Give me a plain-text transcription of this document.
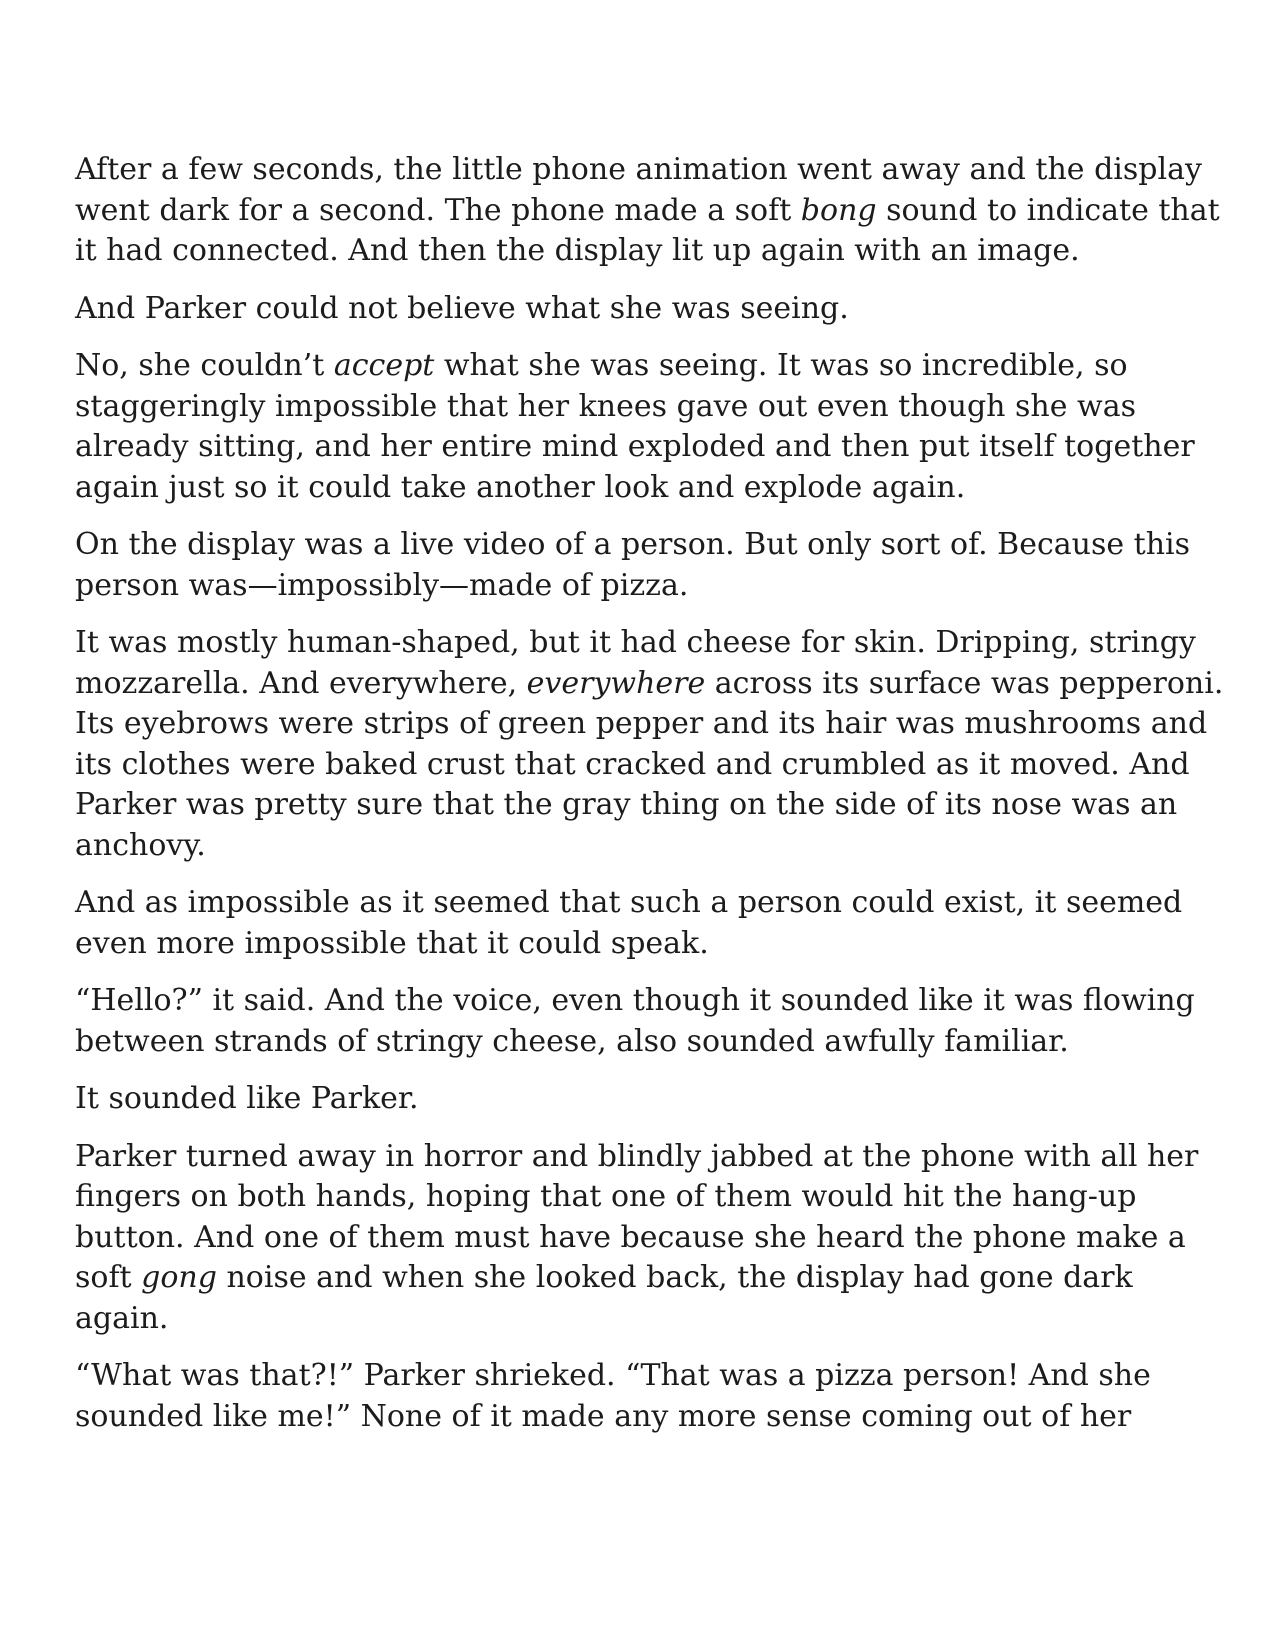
After a few seconds, the little phone animation went away and the display
went dark for a second. The phone made a soft bong sound to indicate that
it had connected. And then the display lit up again with an image.

And Parker could not believe what she was seeing.

No, she couldn’t accept what she was seeing. It was so incredible, so
staggeringly impossible that her knees gave out even though she was
already sitting, and her entire mind exploded and then put itself together
again just so it could take another look and explode again.

On the display was a live video of a person. But only sort of. Because this
person was—impossibly—made of pizza.

It was mostly human-shaped, but it had cheese for skin. Dripping, stringy
mozzarella. And everywhere, everywhere across its surface was pepperoni.
Its eyebrows were strips of green pepper and its hair was mushrooms and
its clothes were baked crust that cracked and crumbled as it moved. And
Parker was pretty sure that the gray thing on the side of its nose was an
anchovy.

And as impossible as it seemed that such a person could exist, it seemed
even more impossible that it could speak.

“Hello?” it said. And the voice, even though it sounded like it was flowing
between strands of stringy cheese, also sounded awfully familiar.

It sounded like Parker.

Parker turned away in horror and blindly jabbed at the phone with all her
fingers on both hands, hoping that one of them would hit the hang-up
button. And one of them must have because she heard the phone make a
soft gong noise and when she looked back, the display had gone dark
again.

“What was that?!” Parker shrieked. “That was a pizza person! And she
sounded like me!” None of it made any more sense coming out of her
